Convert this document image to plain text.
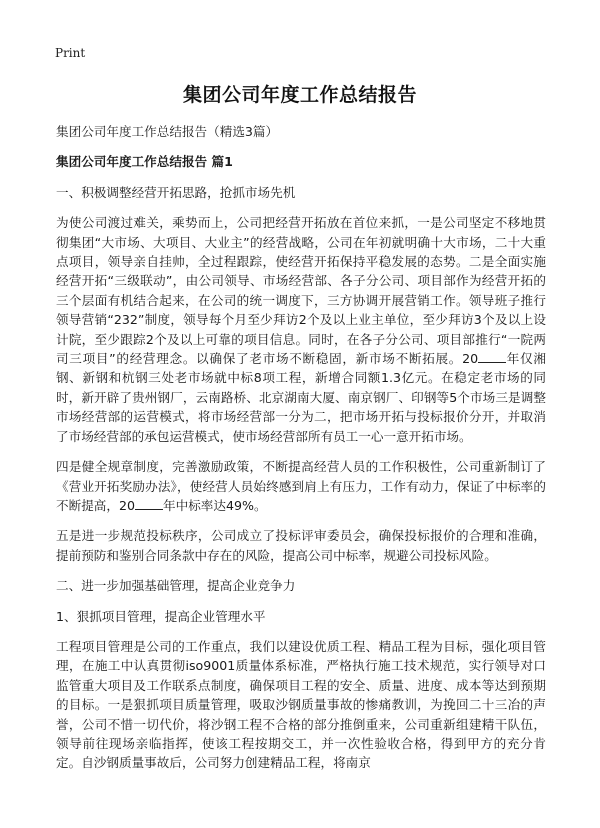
Print
集团公司年度工作总结报告
集团公司年度工作总结报告（精选3篇）
集团公司年度工作总结报告 篇1
一、积极调整经营开拓思路，抢抓市场先机
为使公司渡过难关，乘势而上，公司把经营开拓放在首位来抓，一是公司坚定不移地贯彻集团“大市场、大项目、大业主”的经营战略，公司在年初就明确十大市场，二十大重点项目，领导亲自挂帅，全过程跟踪，使经营开拓保持平稳发展的态势。二是全面实施经营开拓“三级联动”，由公司领导、市场经营部、各子分公司、项目部作为经营开拓的三个层面有机结合起来，在公司的统一调度下，三方协调开展营销工作。领导班子推行领导营销“232”制度，领导每个月至少拜访2个及以上业主单位，至少拜访3个及以上设计院，至少跟踪2个及以上可靠的项目信息。同时，在各子分公司、项目部推行“一院两司三项目”的经营理念。以确保了老市场不断稳固，新市场不断拓展。20 年仅湘钢、新钢和杭钢三处老市场就中标8项工程，新增合同额1.3亿元。在稳定老市场的同时，新开辟了贵州钢厂，云南路桥、北京湖南大厦、南京钢厂、印钢等5个市场三是调整市场经营部的运营模式，将市场经营部一分为二，把市场开拓与投标报价分开，并取消了市场经营部的承包运营模式，使市场经营部所有员工一心一意开拓市场。
四是健全规章制度，完善激励政策，不断提高经营人员的工作积极性，公司重新制订了《营业开拓奖励办法》，使经营人员始终感到肩上有压力，工作有动力，保证了中标率的不断提高，20 年中标率达49%。
五是进一步规范投标秩序，公司成立了投标评审委员会，确保投标报价的合理和准确，提前预防和鉴别合同条款中存在的风险，提高公司中标率，规避公司投标风险。
二、进一步加强基础管理，提高企业竞争力
1、狠抓项目管理，提高企业管理水平
工程项目管理是公司的工作重点，我们以建设优质工程、精品工程为目标，强化项目管理，在施工中认真贯彻iso9001质量体系标准，严格执行施工技术规范，实行领导对口监管重大项目及工作联系点制度，确保项目工程的安全、质量、进度、成本等达到预期的目标。一是狠抓项目质量管理，吸取沙钢质量事故的惨痛教训，为挽回二十三冶的声誉，公司不惜一切代价，将沙钢工程不合格的部分推倒重来，公司重新组建精干队伍，领导前往现场亲临指挥，使该工程按期交工，并一次性验收合格，得到甲方的充分肯定。自沙钢质量事故后，公司努力创建精品工程，将南京
